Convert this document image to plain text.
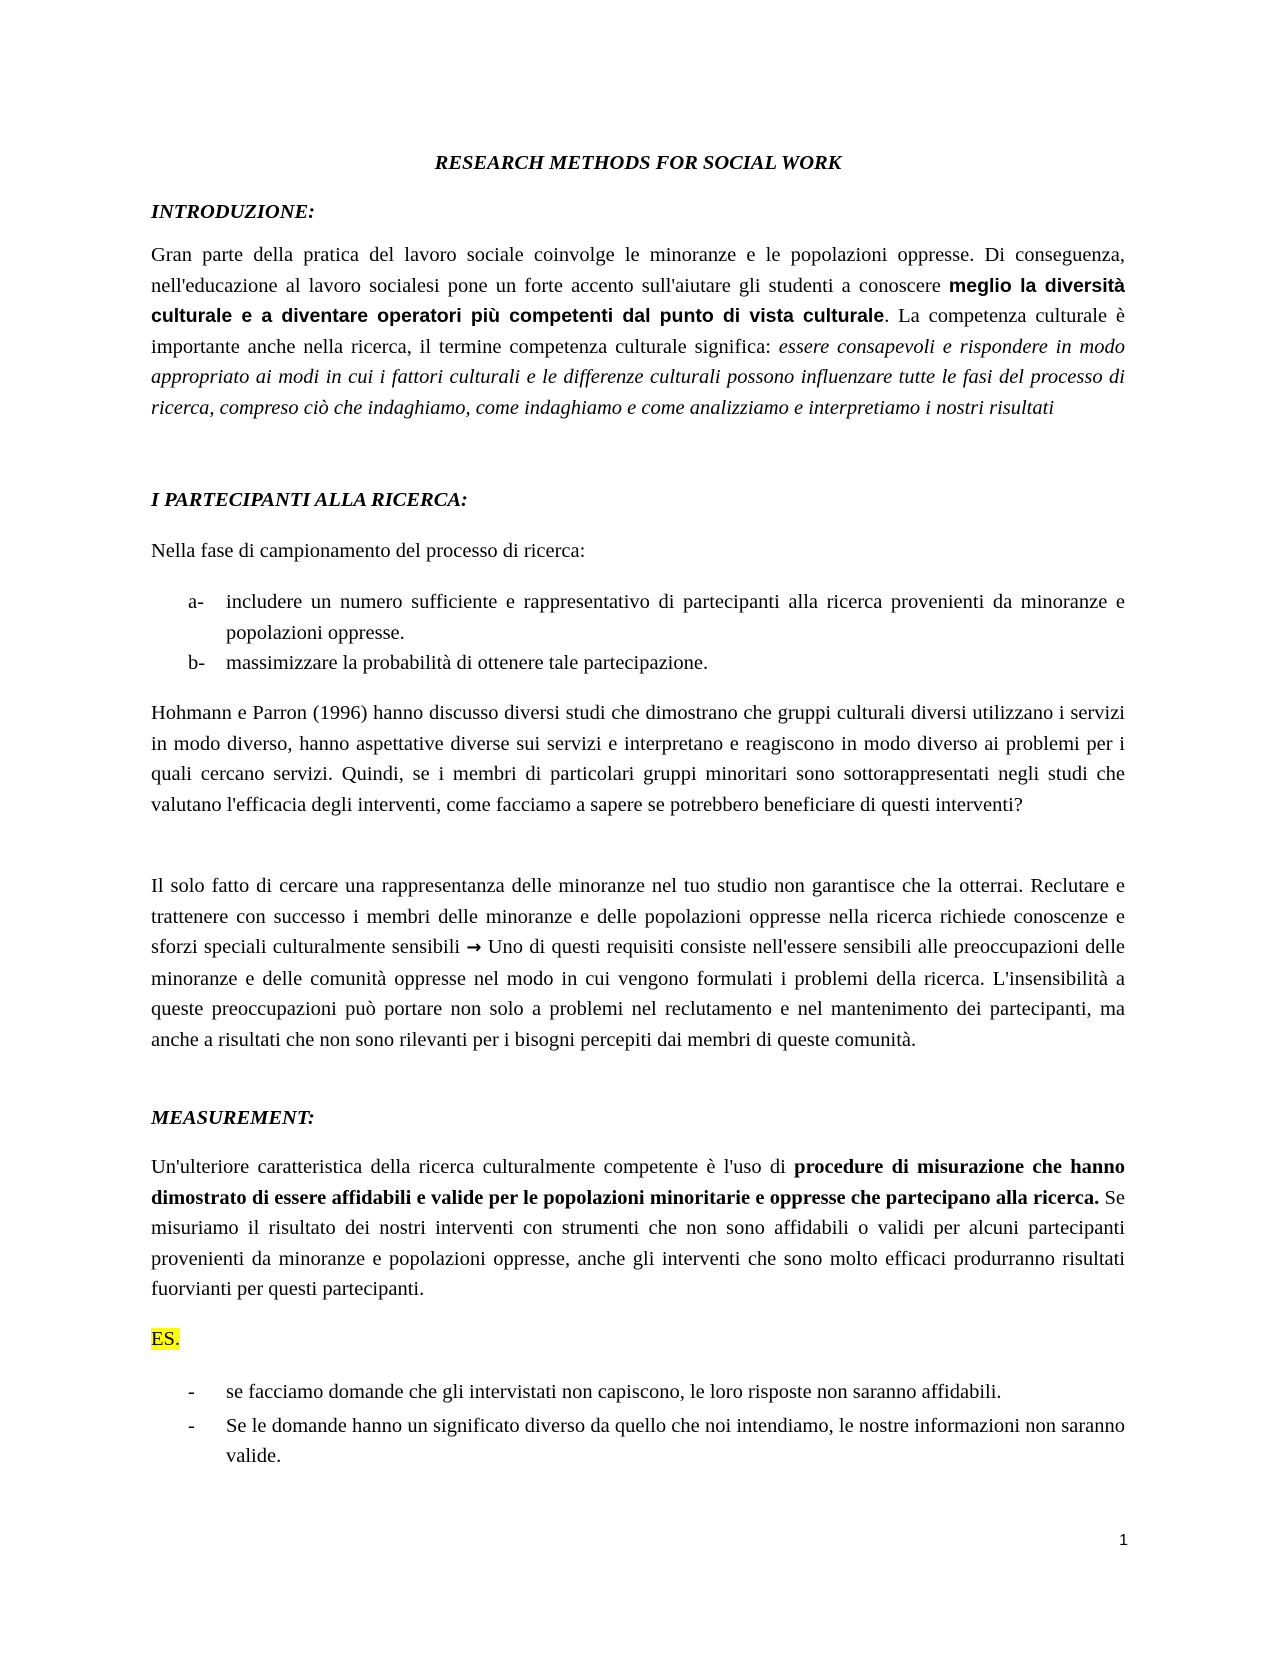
RESEARCH METHODS FOR SOCIAL WORK
INTRODUZIONE:

Gran parte della pratica del lavoro sociale coinvolge le minoranze e le popolazioni oppresse. Di conseguenza, nell'educazione al lavoro socialesi pone un forte accento sull'aiutare gli studenti a conoscere meglio la diversità culturale e a diventare operatori più competenti dal punto di vista culturale. La competenza culturale è importante anche nella ricerca, il termine competenza culturale significa: essere consapevoli e rispondere in modo appropriato ai modi in cui i fattori culturali e le differenze culturali possono influenzare tutte le fasi del processo di ricerca, compreso ciò che indaghiamo, come indaghiamo e come analizziamo e interpretiamo i nostri risultati

I PARTECIPANTI ALLA RICERCA:

Nella fase di campionamento del processo di ricerca:

a- includere un numero sufficiente e rappresentativo di partecipanti alla ricerca provenienti da minoranze e popolazioni oppresse.
b- massimizzare la probabilità di ottenere tale partecipazione.

Hohmann e Parron (1996) hanno discusso diversi studi che dimostrano che gruppi culturali diversi utilizzano i servizi in modo diverso, hanno aspettative diverse sui servizi e interpretano e reagiscono in modo diverso ai problemi per i quali cercano servizi. Quindi, se i membri di particolari gruppi minoritari sono sottorappresentati negli studi che valutano l'efficacia degli interventi, come facciamo a sapere se potrebbero beneficiare di questi interventi?

Il solo fatto di cercare una rappresentanza delle minoranze nel tuo studio non garantisce che la otterrai. Reclutare e trattenere con successo i membri delle minoranze e delle popolazioni oppresse nella ricerca richiede conoscenze e sforzi speciali culturalmente sensibili → Uno di questi requisiti consiste nell'essere sensibili alle preoccupazioni delle minoranze e delle comunità oppresse nel modo in cui vengono formulati i problemi della ricerca. L'insensibilità a queste preoccupazioni può portare non solo a problemi nel reclutamento e nel mantenimento dei partecipanti, ma anche a risultati che non sono rilevanti per i bisogni percepiti dai membri di queste comunità.

MEASUREMENT:

Un'ulteriore caratteristica della ricerca culturalmente competente è l'uso di procedure di misurazione che hanno dimostrato di essere affidabili e valide per le popolazioni minoritarie e oppresse che partecipano alla ricerca. Se misuriamo il risultato dei nostri interventi con strumenti che non sono affidabili o validi per alcuni partecipanti provenienti da minoranze e popolazioni oppresse, anche gli interventi che sono molto efficaci produrranno risultati fuorvianti per questi partecipanti.

ES.

- se facciamo domande che gli intervistati non capiscono, le loro risposte non saranno affidabili.
- Se le domande hanno un significato diverso da quello che noi intendiamo, le nostre informazioni non saranno valide.
1
